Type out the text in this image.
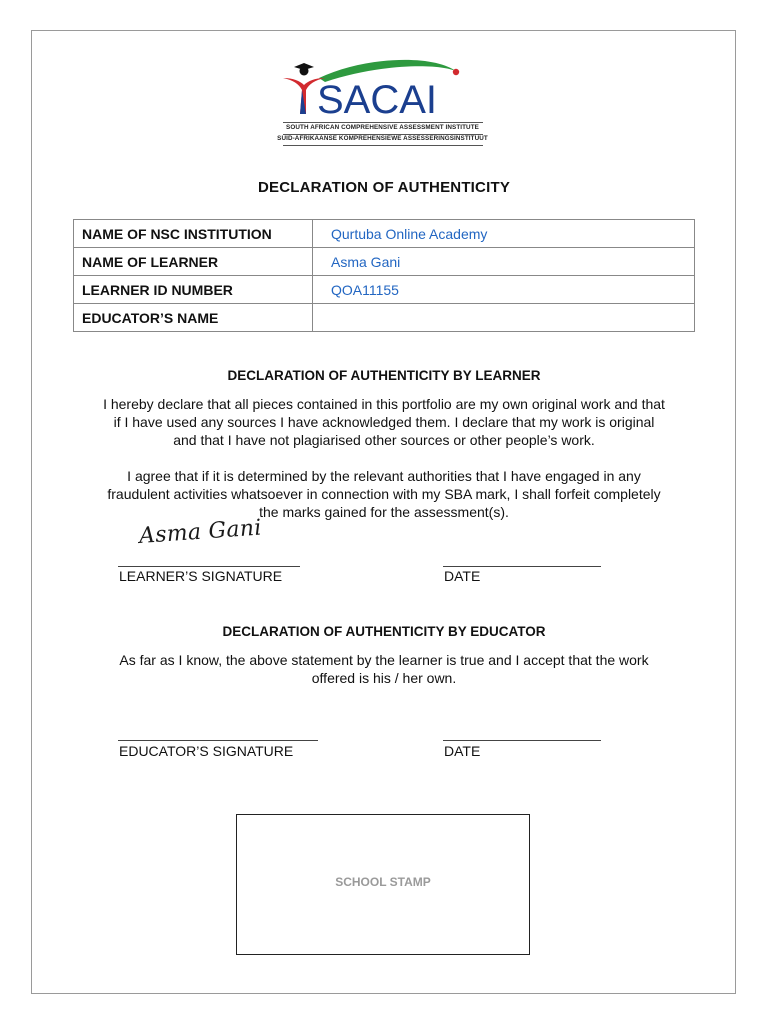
SACAI
SOUTH AFRICAN COMPREHENSIVE ASSESSMENT INSTITUTE
SUID-AFRIKAANSE KOMPREHENSIEWE ASSESSERINGSINSTITUUT
DECLARATION OF AUTHENTICITY
NAME OF NSC INSTITUTION	Qurtuba Online Academy
NAME OF LEARNER	Asma Gani
LEARNER ID NUMBER	QOA11155
EDUCATOR’S NAME	
DECLARATION OF AUTHENTICITY BY LEARNER
I hereby declare that all pieces contained in this portfolio are my own original work and that
if I have used any sources I have acknowledged them. I declare that my work is original
and that I have not plagiarised other sources or other people’s work.
I agree that if it is determined by the relevant authorities that I have engaged in any
fraudulent activities whatsoever in connection with my SBA mark, I shall forfeit completely
the marks gained for the assessment(s).
Asma Gani
LEARNER’S SIGNATURE	DATE
DECLARATION OF AUTHENTICITY BY EDUCATOR
As far as I know, the above statement by the learner is true and I accept that the work
offered is his / her own.
EDUCATOR’S SIGNATURE	DATE
SCHOOL STAMP
